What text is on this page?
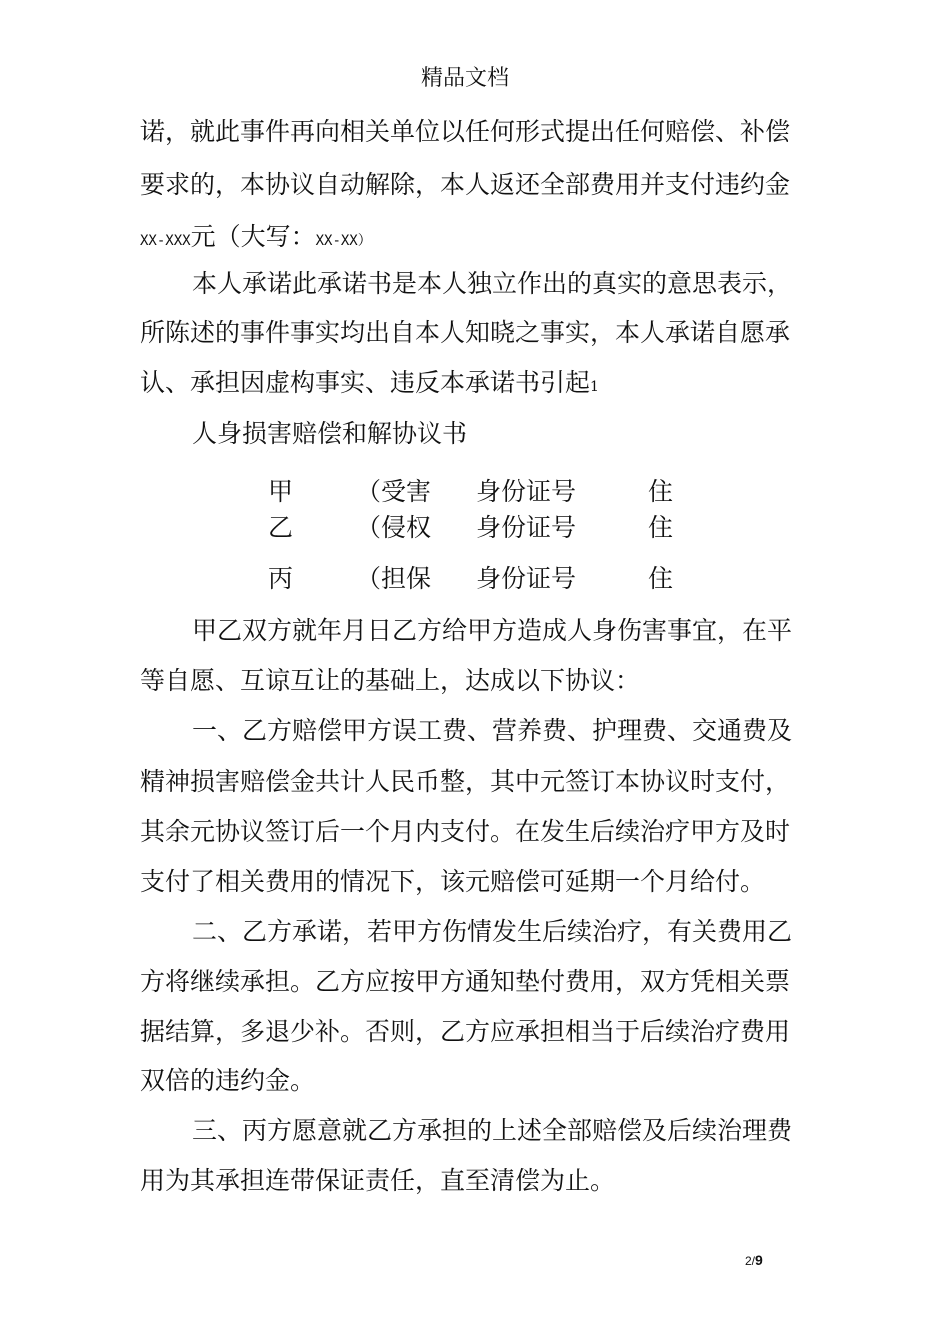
精品文档
诺，就此事件再向相关单位以任何形式提出任何赔偿、补偿
要求的，本协议自动解除，本人返还全部费用并支付违约金
XX-XXX元（大写：XX-XX）
本人承诺此承诺书是本人独立作出的真实的意思表示，
所陈述的事件事实均出自本人知晓之事实，本人承诺自愿承
认、承担因虚构事实、违反本承诺书引起1
人身损害赔偿和解协议书
甲	（受害 身份证号	住
乙	（侵权 身份证号	住
丙	（担保 身份证号	住
甲乙双方就年月日乙方给甲方造成人身伤害事宜，在平
等自愿、互谅互让的基础上，达成以下协议：
一、乙方赔偿甲方误工费、营养费、护理费、交通费及
精神损害赔偿金共计人民币整，其中元签订本协议时支付，
其余元协议签订后一个月内支付。在发生后续治疗甲方及时
支付了相关费用的情况下，该元赔偿可延期一个月给付。
二、乙方承诺，若甲方伤情发生后续治疗，有关费用乙
方将继续承担。乙方应按甲方通知垫付费用，双方凭相关票
据结算，多退少补。否则，乙方应承担相当于后续治疗费用
双倍的违约金。
三、丙方愿意就乙方承担的上述全部赔偿及后续治理费
用为其承担连带保证责任，直至清偿为止。
2/9
